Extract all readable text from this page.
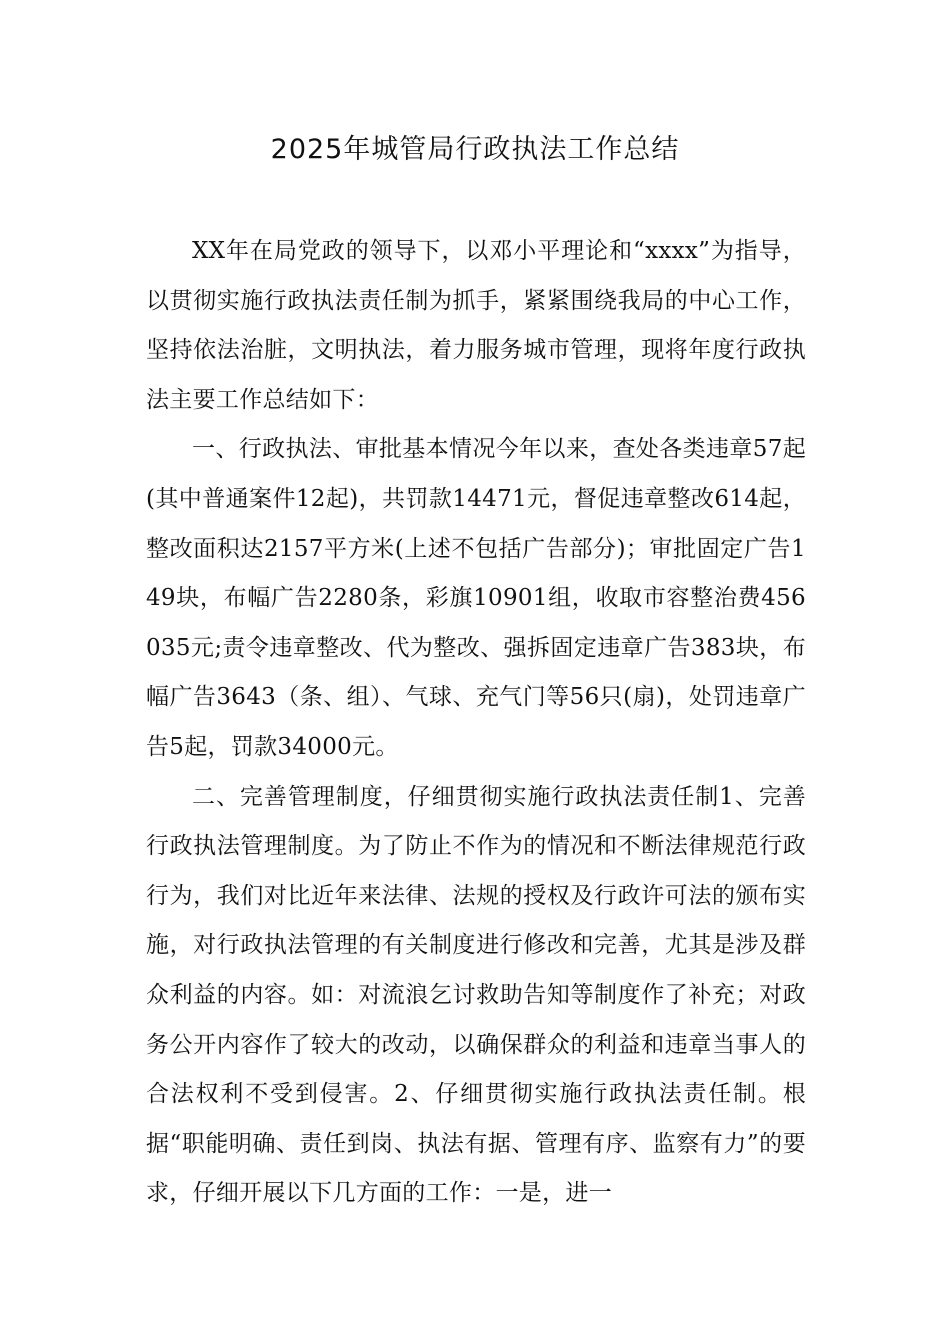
2025年城管局行政执法工作总结

XX年在局党政的领导下，以邓小平理论和“xxxx”为指导，以贯彻实施行政执法责任制为抓手，紧紧围绕我局的中心工作，坚持依法治脏，文明执法，着力服务城市管理，现将年度行政执法主要工作总结如下：

一、行政执法、审批基本情况今年以来，查处各类违章57起(其中普通案件12起)，共罚款14471元，督促违章整改614起，整改面积达2157平方米(上述不包括广告部分)；审批固定广告149块，布幅广告2280条，彩旗10901组，收取市容整治费456035元;责令违章整改、代为整改、强拆固定违章广告383块，布幅广告3643（条、组）、气球、充气门等56只(扇)，处罚违章广告5起，罚款34000元。

二、完善管理制度，仔细贯彻实施行政执法责任制1、完善行政执法管理制度。为了防止不作为的情况和不断法律规范行政行为，我们对比近年来法律、法规的授权及行政许可法的颁布实施，对行政执法管理的有关制度进行修改和完善，尤其是涉及群众利益的内容。如：对流浪乞讨救助告知等制度作了补充；对政务公开内容作了较大的改动，以确保群众的利益和违章当事人的合法权利不受到侵害。2、仔细贯彻实施行政执法责任制。根据“职能明确、责任到岗、执法有据、管理有序、监察有力”的要求，仔细开展以下几方面的工作：一是，进一
